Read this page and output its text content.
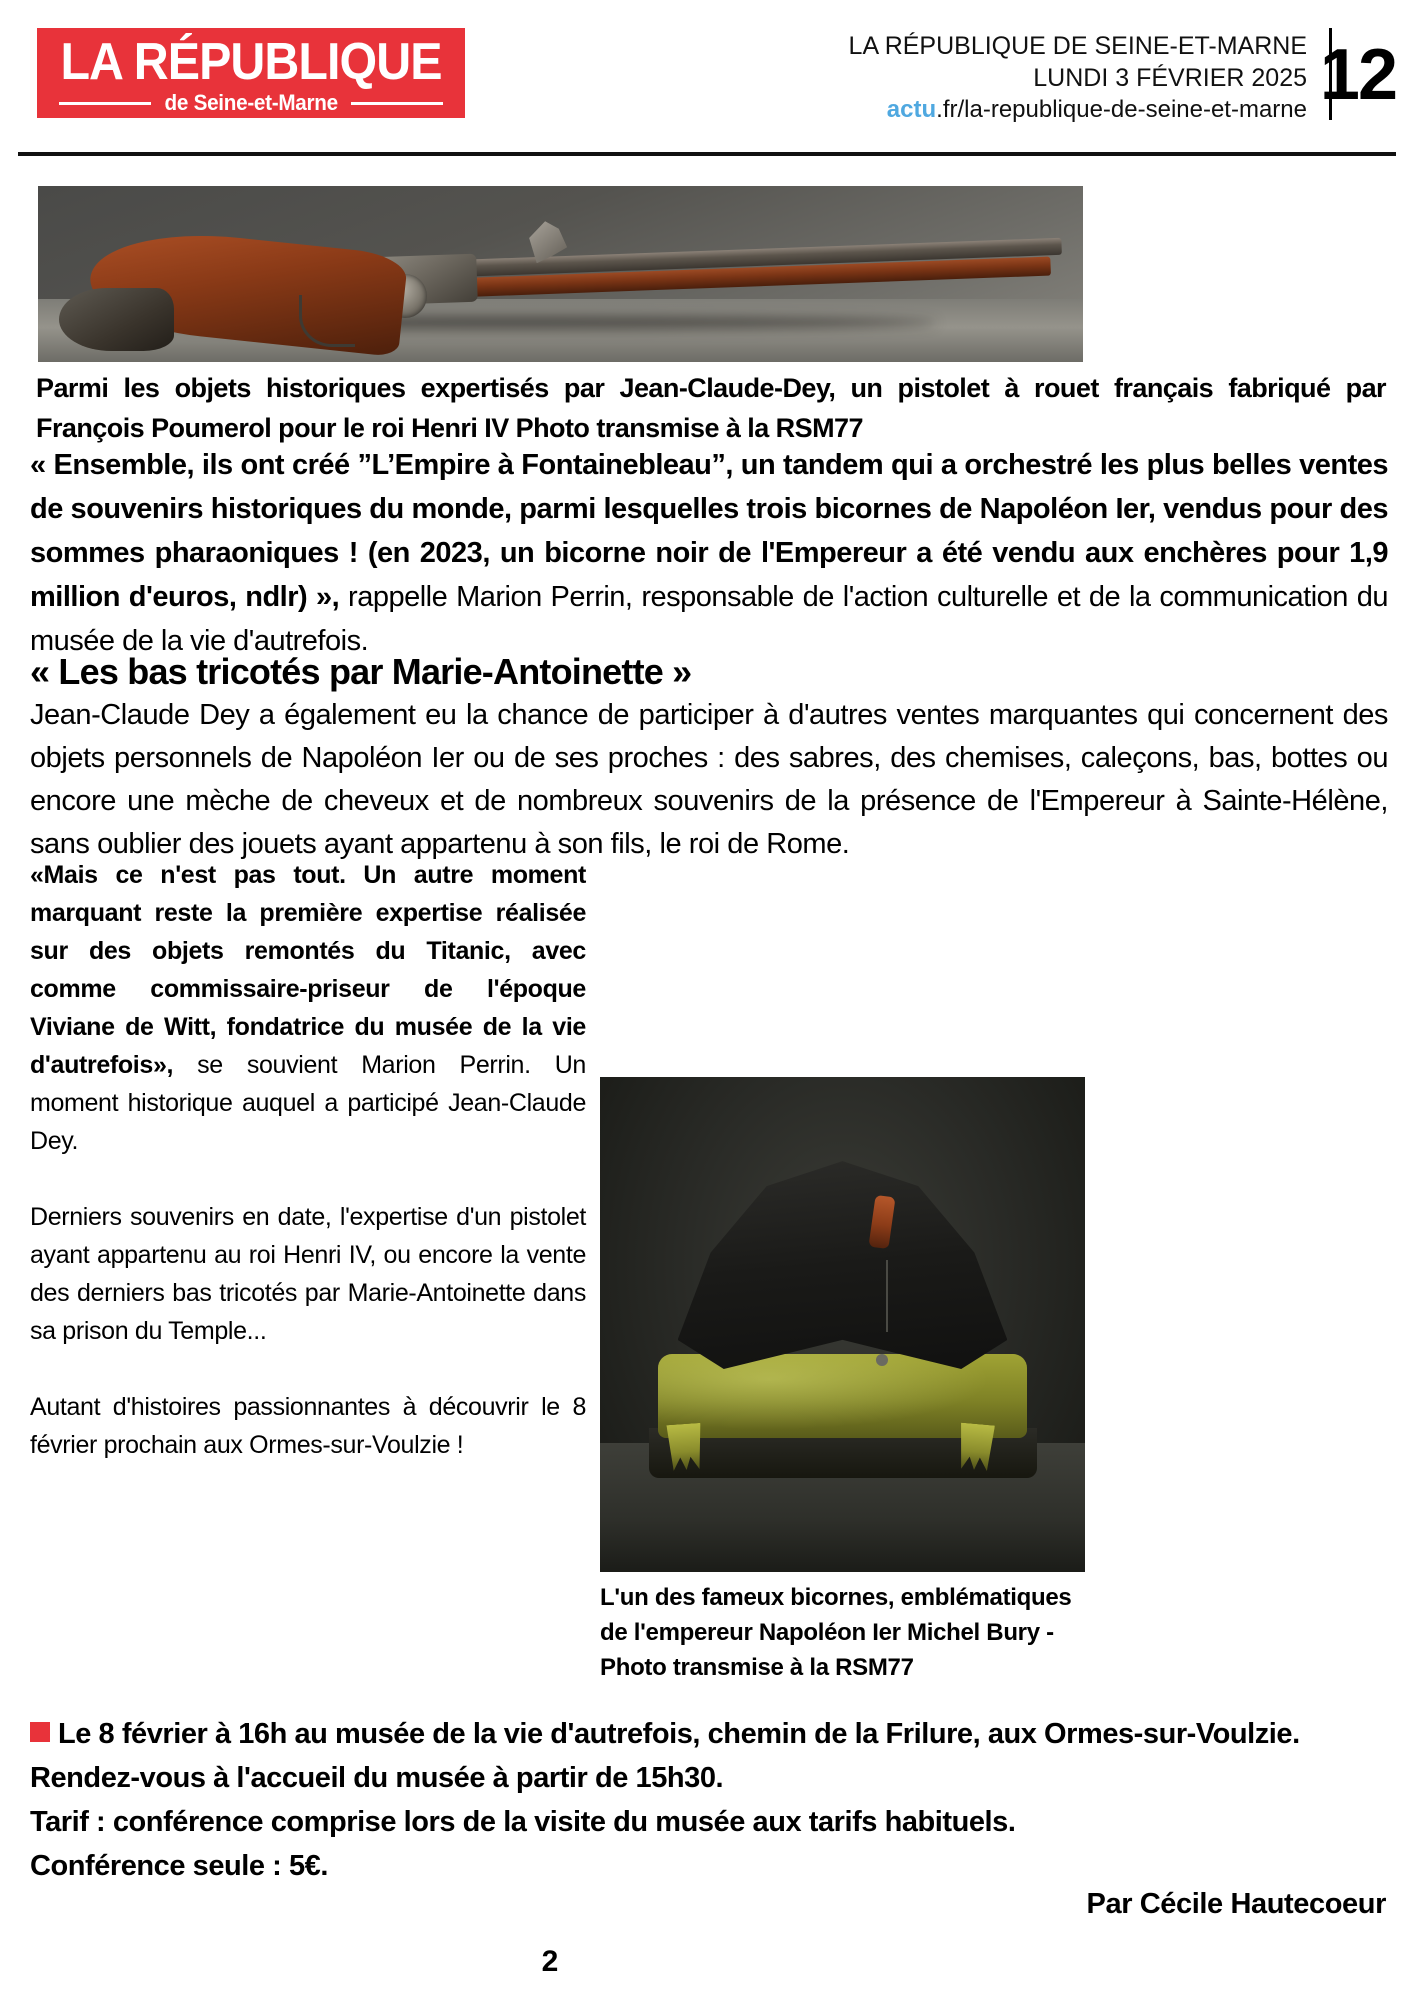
LA RÉPUBLIQUE
de Seine-et-Marne
LA RÉPUBLIQUE DE SEINE-ET-MARNE
LUNDI 3 FÉVRIER 2025
actu.fr/la-republique-de-seine-et-marne 12
Parmi les objets historiques expertisés par Jean-Claude-Dey, un pistolet à rouet français fabriqué par François Poumerol pour le roi Henri IV Photo transmise à la RSM77
« Ensemble, ils ont créé ”L’Empire à Fontainebleau”, un tandem qui a orchestré les plus belles ventes de souvenirs historiques du monde, parmi lesquelles trois bicornes de Napoléon Ier, vendus pour des sommes pharaoniques ! (en 2023, un bicorne noir de l'Empereur a été vendu aux enchères pour 1,9 million d'euros, ndlr) », rappelle Marion Perrin, responsable de l'action culturelle et de la communication du musée de la vie d'autrefois.
« Les bas tricotés par Marie-Antoinette »
Jean-Claude Dey a également eu la chance de participer à d'autres ventes marquantes qui concernent des objets personnels de Napoléon Ier ou de ses proches : des sabres, des chemises, caleçons, bas, bottes ou encore une mèche de cheveux et de nombreux souvenirs de la présence de l'Empereur à Sainte-Hélène, sans oublier des jouets ayant appartenu à son fils, le roi de Rome.

«Mais ce n'est pas tout. Un autre moment marquant reste la première expertise réalisée sur des objets remontés du Titanic, avec comme commissaire-priseur de l'époque Viviane de Witt, fondatrice du musée de la vie d'autrefois», se souvient Marion Perrin. Un moment historique auquel a participé Jean-Claude Dey.

Derniers souvenirs en date, l'expertise d'un pistolet ayant appartenu au roi Henri IV, ou encore la vente des derniers bas tricotés par Marie-Antoinette dans sa prison du Temple...

Autant d'histoires passionnantes à découvrir le 8 février prochain aux Ormes-sur-Voulzie !

L'un des fameux bicornes, emblématiques de l'empereur Napoléon Ier Michel Bury - Photo transmise à la RSM77
Le 8 février à 16h au musée de la vie d'autrefois, chemin de la Frilure, aux Ormes-sur-Voulzie. Rendez-vous à l'accueil du musée à partir de 15h30.
Tarif : conférence comprise lors de la visite du musée aux tarifs habituels.
Conférence seule : 5€.
Par Cécile Hautecoeur
2
